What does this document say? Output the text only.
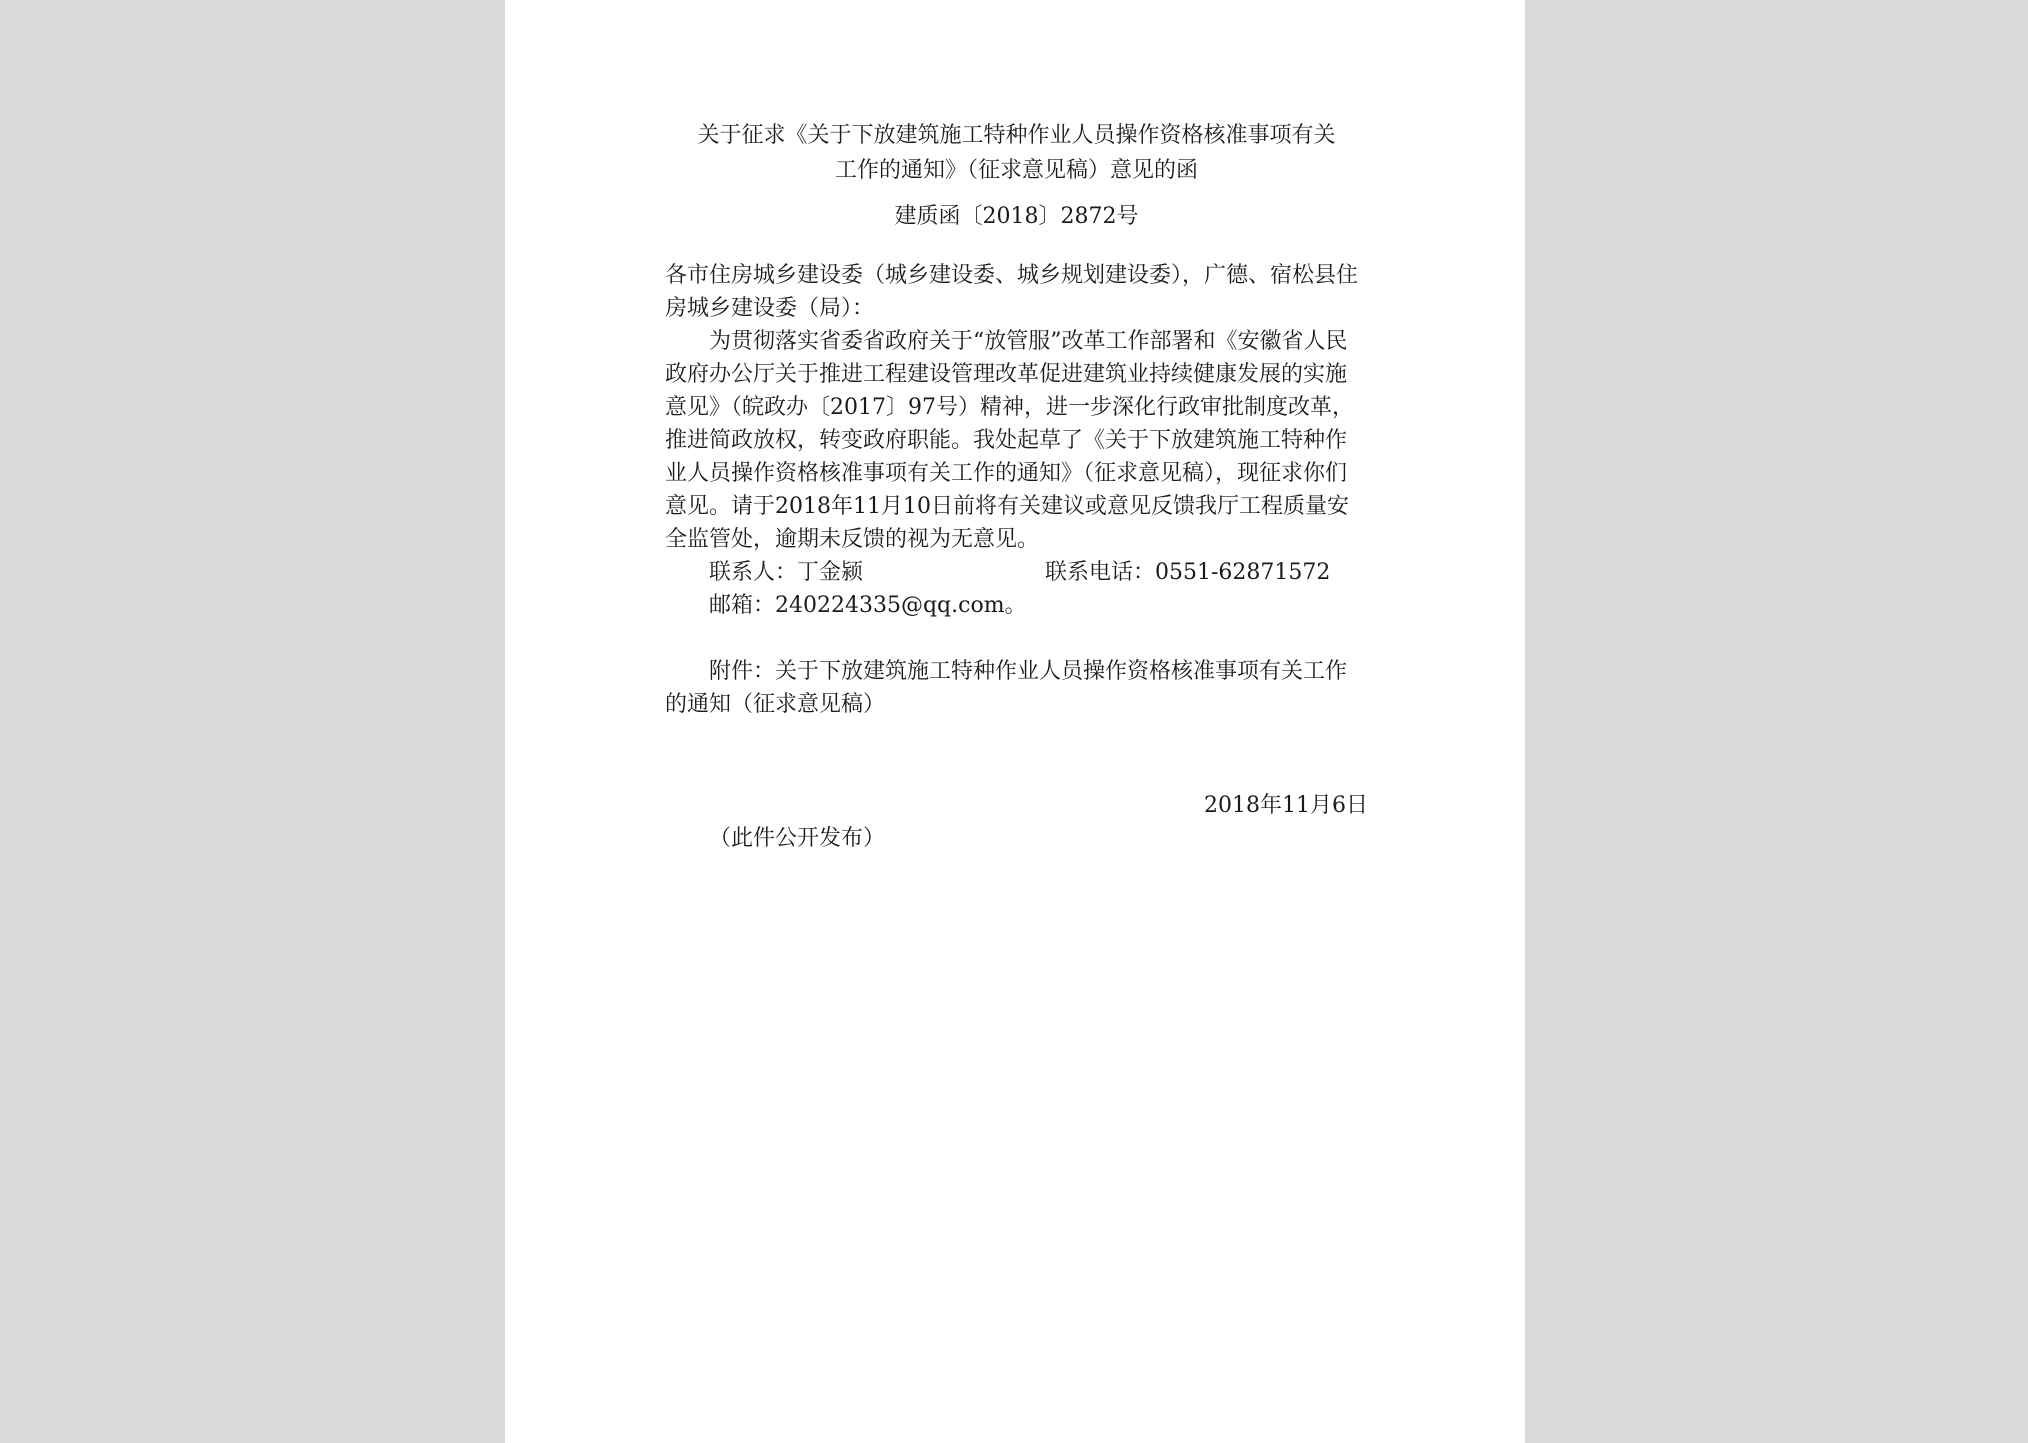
关于征求《关于下放建筑施工特种作业人员操作资格核准事项有关
工作的通知》（征求意见稿）意见的函
建质函〔2018〕2872号

各市住房城乡建设委（城乡建设委、城乡规划建设委），广德、宿松县住房城乡建设委（局）：

为贯彻落实省委省政府关于“放管服”改革工作部署和《安徽省人民政府办公厅关于推进工程建设管理改革促进建筑业持续健康发展的实施意见》（皖政办〔2017〕97号）精神，进一步深化行政审批制度改革，推进简政放权，转变政府职能。我处起草了《关于下放建筑施工特种作业人员操作资格核准事项有关工作的通知》（征求意见稿），现征求你们意见。请于2018年11月10日前将有关建议或意见反馈我厅工程质量安全监管处，逾期未反馈的视为无意见。

联系人：丁金颍	联系电话：0551-62871572
邮箱：240224335@qq.com。

附件：关于下放建筑施工特种作业人员操作资格核准事项有关工作的通知（征求意见稿）

2018年11月6日
（此件公开发布）
